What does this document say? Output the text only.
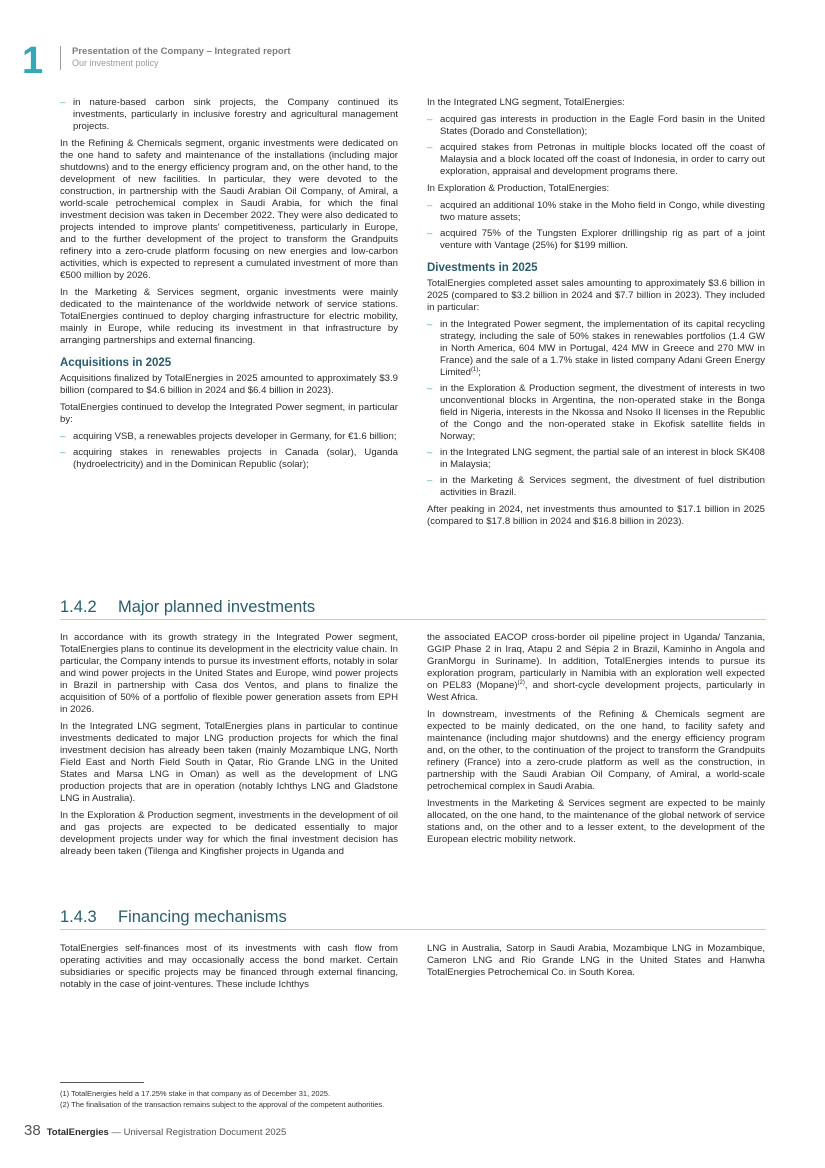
1	Presentation of the Company – Integrated report
Our investment policy
– in nature-based carbon sink projects, the Company continued its investments, particularly in inclusive forestry and agricultural management projects.

In the Refining & Chemicals segment, organic investments were dedicated on the one hand to safety and maintenance of the installations (including major shutdowns) and to the energy efficiency program and, on the other hand, to the development of new facilities. In particular, they were devoted to the construction, in partnership with the Saudi Arabian Oil Company, of Amiral, a world-scale petrochemical complex in Saudi Arabia, for which the final investment decision was taken in December 2022. They were also dedicated to projects intended to improve plants' competitiveness, particularly in Europe, and to the further development of the project to transform the Grandpuits refinery into a zero-crude platform focusing on new energies and low-carbon activities, which is expected to represent a cumulated investment of more than €500 million by 2026.

In the Marketing & Services segment, organic investments were mainly dedicated to the maintenance of the worldwide network of service stations. TotalEnergies continued to deploy charging infrastructure for electric mobility, mainly in Europe, while reducing its investment in that infrastructure by arranging partnerships and external financing.

Acquisitions in 2025

Acquisitions finalized by TotalEnergies in 2025 amounted to approximately $3.9 billion (compared to $4.6 billion in 2024 and $6.4 billion in 2023).

TotalEnergies continued to develop the Integrated Power segment, in particular by:

– acquiring VSB, a renewables projects developer in Germany, for €1.6 billion;
– acquiring stakes in renewables projects in Canada (solar), Uganda (hydroelectricity) and in the Dominican Republic (solar);

In the Integrated LNG segment, TotalEnergies:

– acquired gas interests in production in the Eagle Ford basin in the United States (Dorado and Constellation);
– acquired stakes from Petronas in multiple blocks located off the coast of Malaysia and a block located off the coast of Indonesia, in order to carry out exploration, appraisal and development programs there.

In Exploration & Production, TotalEnergies:

– acquired an additional 10% stake in the Moho field in Congo, while divesting two mature assets;
– acquired 75% of the Tungsten Explorer drillingship rig as part of a joint venture with Vantage (25%) for $199 million.
Divestments in 2025

TotalEnergies completed asset sales amounting to approximately $3.6 billion in 2025 (compared to $3.2 billion in 2024 and $7.7 billion in 2023). They included in particular:

– in the Integrated Power segment, the implementation of its capital recycling strategy, including the sale of 50% stakes in renewables portfolios (1.4 GW in North America, 604 MW in Portugal, 424 MW in Greece and 270 MW in France) and the sale of a 1.7% stake in listed company Adani Green Energy Limited$^{(1)}$;
– in the Exploration & Production segment, the divestment of interests in two unconventional blocks in Argentina, the non-operated stake in the Bonga field in Nigeria, interests in the Nkossa and Nsoko II licenses in the Republic of the Congo and the non-operated stake in Ekofisk satellite fields in Norway;
– in the Integrated LNG segment, the partial sale of an interest in block SK408 in Malaysia;
– in the Marketing & Services segment, the divestment of fuel distribution activities in Brazil.

After peaking in 2024, net investments thus amounted to $17.1 billion in 2025 (compared to $17.8 billion in 2024 and $16.8 billion in 2023).

1.4.2 Major planned investments

In accordance with its growth strategy in the Integrated Power segment, TotalEnergies plans to continue its development in the electricity value chain. In particular, the Company intends to pursue its investment efforts, notably in solar and wind power projects in the United States and Europe, wind power projects in Brazil in partnership with Casa dos Ventos, and plans to finalize the acquisition of 50% of a portfolio of flexible power generation assets from EPH in 2026.

In the Integrated LNG segment, TotalEnergies plans in particular to continue investments dedicated to major LNG production projects for which the final investment decision has already been taken (mainly Mozambique LNG, North Field East and North Field South in Qatar, Rio Grande LNG in the United States and Marsa LNG in Oman) as well as the development of LNG production projects that are in operation (notably Ichthys LNG and Gladstone LNG in Australia).

In the Exploration & Production segment, investments in the development of oil and gas projects are expected to be dedicated essentially to major development projects under way for which the final investment decision has already been taken (Tilenga and Kingfisher projects in Uganda and

the associated EACOP cross-border oil pipeline project in Uganda/ Tanzania, GGIP Phase 2 in Iraq, Atapu 2 and Sépia 2 in Brazil, Kaminho in Angola and GranMorgu in Suriname). In addition, TotalEnergies intends to pursue its exploration program, particularly in Namibia with an exploration well expected on PEL83 (Mopane)$^{(2)}$, and short-cycle development projects, particularly in West Africa.

In downstream, investments of the Refining & Chemicals segment are expected to be mainly dedicated, on the one hand, to facility safety and maintenance (including major shutdowns) and the energy efficiency program and, on the other, to the continuation of the project to transform the Grandpuits refinery (France) into a zero-crude platform as well as the construction, in partnership with the Saudi Arabian Oil Company, of Amiral, a world-scale petrochemical complex in Saudi Arabia.

Investments in the Marketing & Services segment are expected to be mainly allocated, on the one hand, to the maintenance of the global network of service stations and, on the other and to a lesser extent, to the development of the European electric mobility network.

1.4.3 Financing mechanisms

TotalEnergies self-finances most of its investments with cash flow from operating activities and may occasionally access the bond market. Certain subsidiaries or specific projects may be financed through external financing, notably in the case of joint-ventures. These include Ichthys

LNG in Australia, Satorp in Saudi Arabia, Mozambique LNG in Mozambique, Cameron LNG and Rio Grande LNG in the United States and Hanwha TotalEnergies Petrochemical Co. in South Korea.

(1) TotalEnergies held a 17.25% stake in that company as of December 31, 2025.
(2) The finalisation of the transaction remains subject to the approval of the competent authorities.
38 TotalEnergies — Universal Registration Document 2025
